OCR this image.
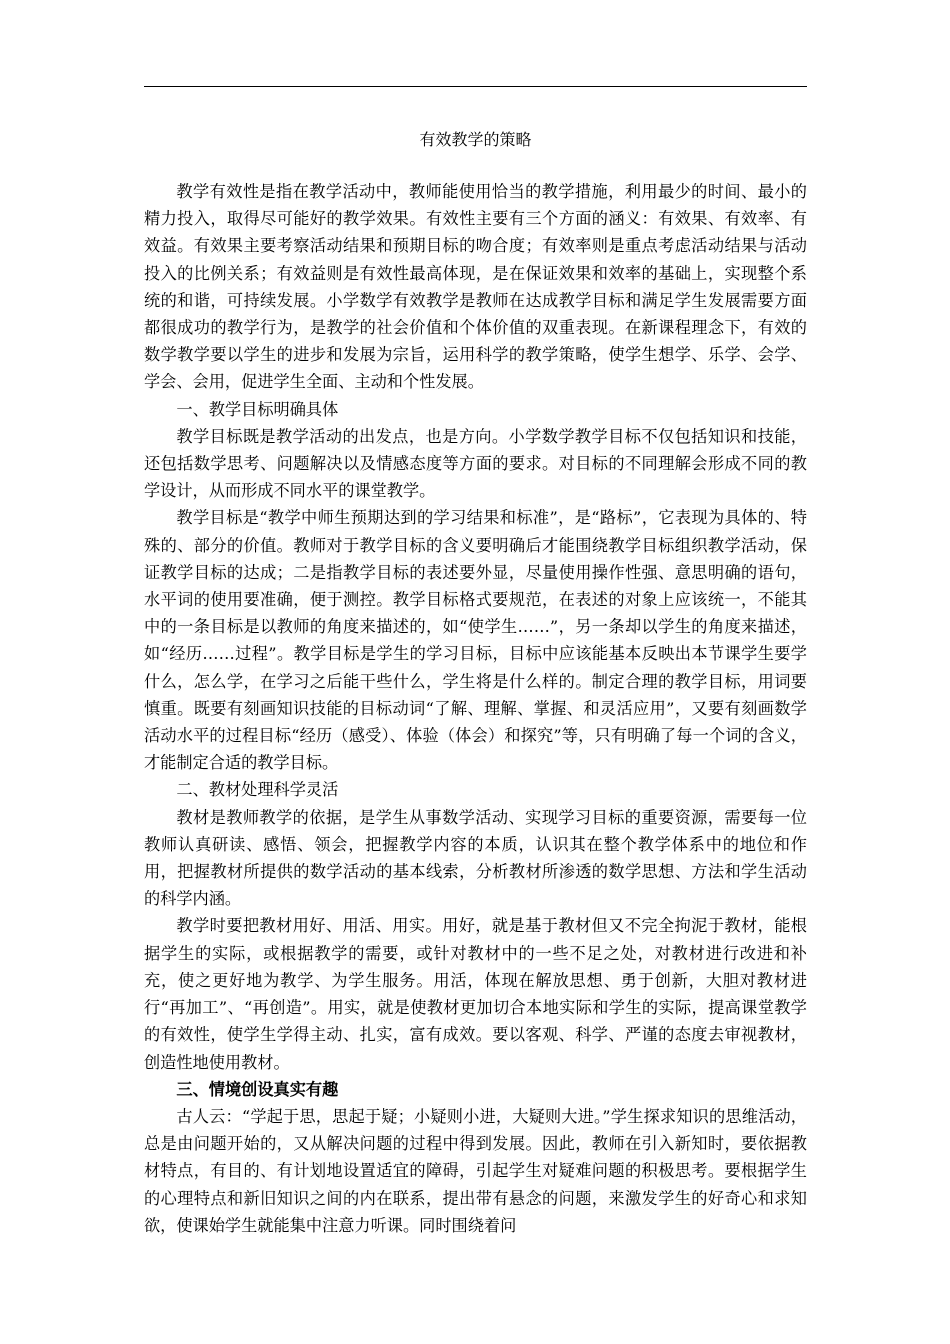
有效教学的策略

教学有效性是指在教学活动中，教师能使用恰当的教学措施，利用最少的时间、最小的精力投入，取得尽可能好的教学效果。有效性主要有三个方面的涵义：有效果、有效率、有效益。有效果主要考察活动结果和预期目标的吻合度；有效率则是重点考虑活动结果与活动投入的比例关系；有效益则是有效性最高体现，是在保证效果和效率的基础上，实现整个系统的和谐，可持续发展。小学数学有效教学是教师在达成教学目标和满足学生发展需要方面都很成功的教学行为，是教学的社会价值和个体价值的双重表现。在新课程理念下，有效的数学教学要以学生的进步和发展为宗旨，运用科学的教学策略，使学生想学、乐学、会学、学会、会用，促进学生全面、主动和个性发展。

一、教学目标明确具体

教学目标既是教学活动的出发点，也是方向。小学数学教学目标不仅包括知识和技能，还包括数学思考、问题解决以及情感态度等方面的要求。对目标的不同理解会形成不同的教学设计，从而形成不同水平的课堂教学。

教学目标是“教学中师生预期达到的学习结果和标准”，是“路标”，它表现为具体的、特殊的、部分的价值。教师对于教学目标的含义要明确后才能围绕教学目标组织教学活动，保证教学目标的达成；二是指教学目标的表述要外显，尽量使用操作性强、意思明确的语句，水平词的使用要准确，便于测控。教学目标格式要规范，在表述的对象上应该统一，不能其中的一条目标是以教师的角度来描述的，如“使学生……”，另一条却以学生的角度来描述，如“经历……过程”。教学目标是学生的学习目标，目标中应该能基本反映出本节课学生要学什么，怎么学，在学习之后能干些什么，学生将是什么样的。制定合理的教学目标，用词要慎重。既要有刻画知识技能的目标动词“了解、理解、掌握、和灵活应用”，又要有刻画数学活动水平的过程目标“经历（感受）、体验（体会）和探究”等，只有明确了每一个词的含义，才能制定合适的教学目标。

二、教材处理科学灵活

教材是教师教学的依据，是学生从事数学活动、实现学习目标的重要资源，需要每一位教师认真研读、感悟、领会，把握教学内容的本质，认识其在整个教学体系中的地位和作用，把握教材所提供的数学活动的基本线索，分析教材所渗透的数学思想、方法和学生活动的科学内涵。

教学时要把教材用好、用活、用实。用好，就是基于教材但又不完全拘泥于教材，能根据学生的实际，或根据教学的需要，或针对教材中的一些不足之处，对教材进行改进和补充，使之更好地为教学、为学生服务。用活，体现在解放思想、勇于创新，大胆对教材进行“再加工”、“再创造”。用实，就是使教材更加切合本地实际和学生的实际，提高课堂教学的有效性，使学生学得主动、扎实，富有成效。要以客观、科学、严谨的态度去审视教材，创造性地使用教材。

三、情境创设真实有趣

古人云：“学起于思，思起于疑；小疑则小进，大疑则大进。”学生探求知识的思维活动，总是由问题开始的，又从解决问题的过程中得到发展。因此，教师在引入新知时，要依据教材特点，有目的、有计划地设置适宜的障碍，引起学生对疑难问题的积极思考。要根据学生的心理特点和新旧知识之间的内在联系，提出带有悬念的问题，来激发学生的好奇心和求知欲，使课始学生就能集中注意力听课。同时围绕着问
